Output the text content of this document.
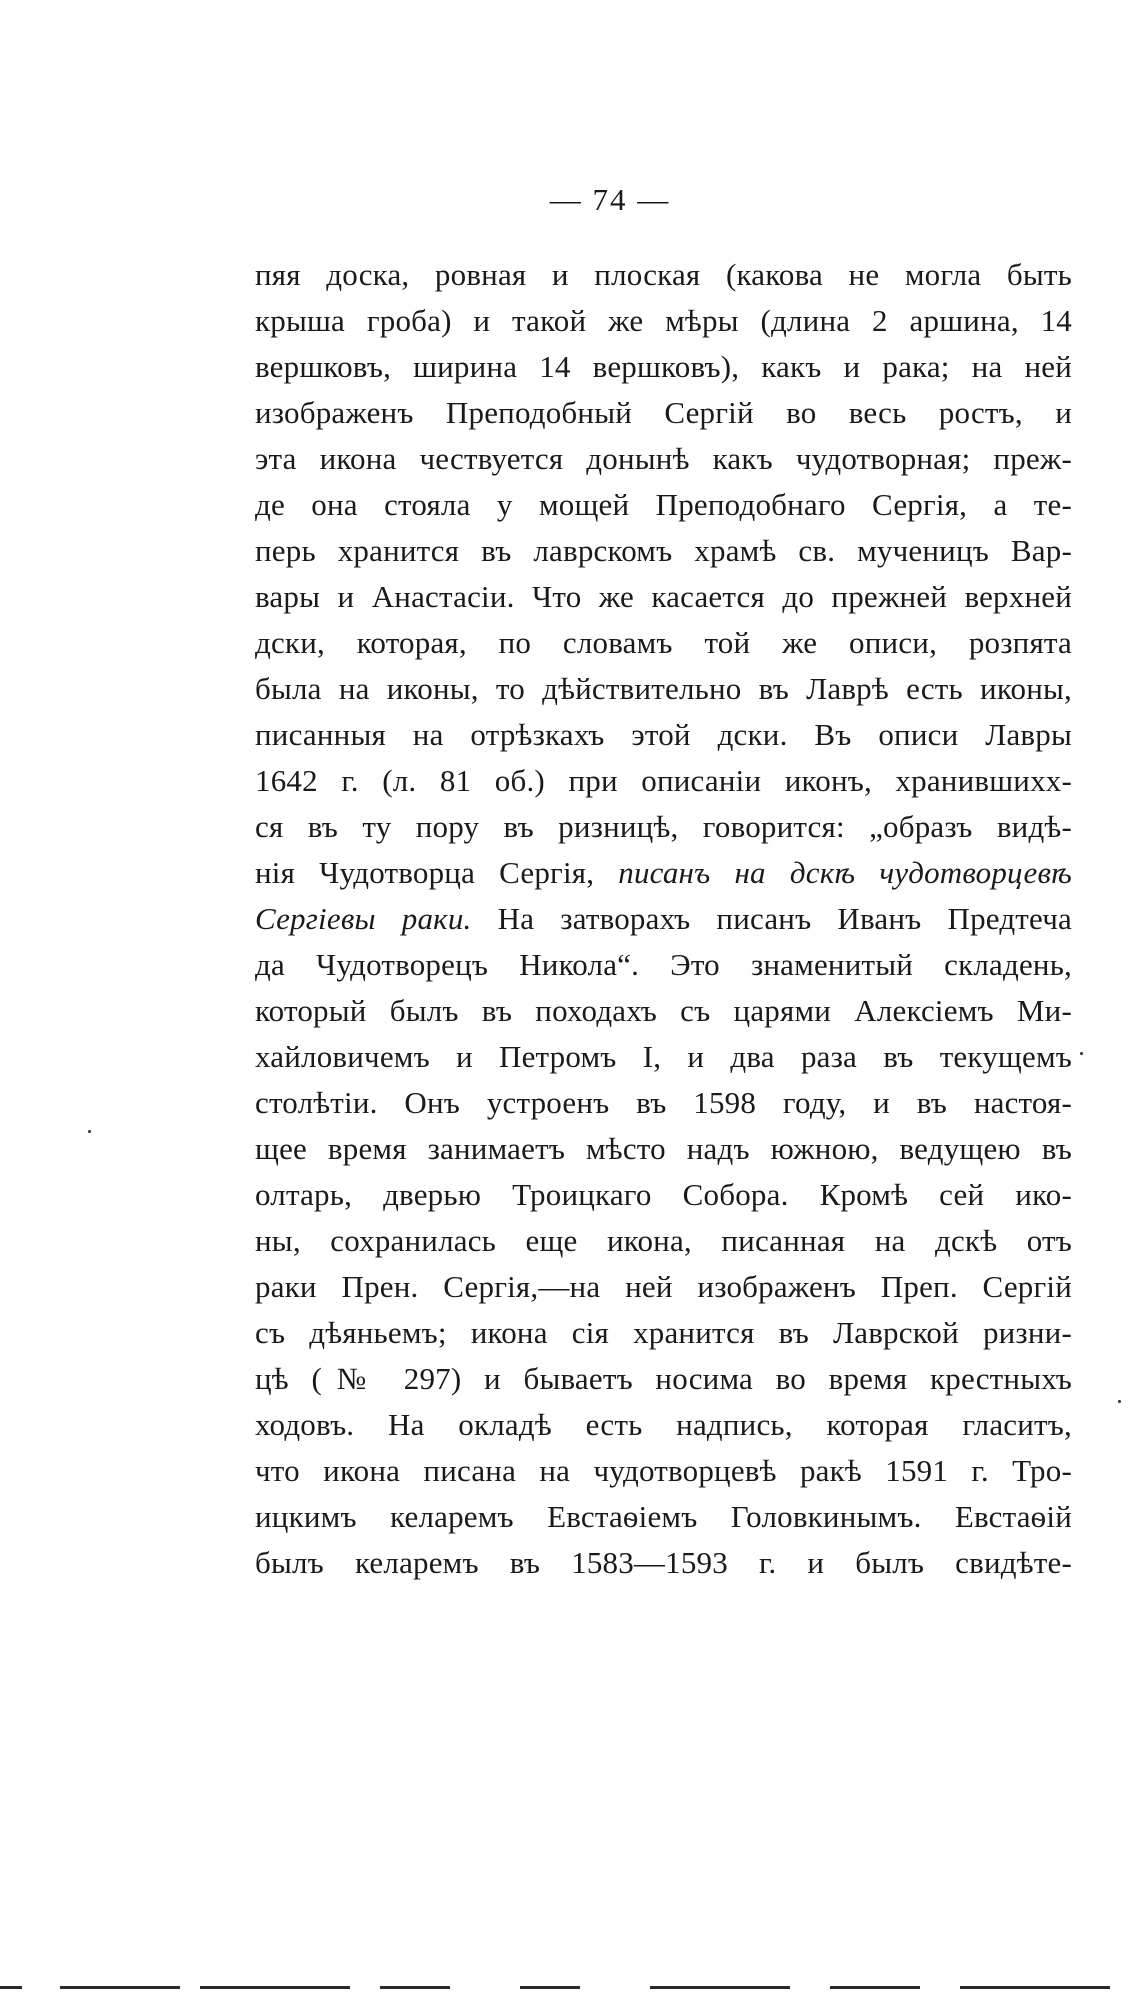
— 74 —
пяя доска, ровная и плоская (какова не могла быть
крыша гроба) и такой же мѣры (длина 2 аршина, 14
вершковъ, ширина 14 вершковъ), какъ и рака; на ней
изображенъ Преподобный Сергій во весь ростъ, и
эта икона чествуется донынѣ какъ чудотворная; преж-
де она стояла у мощей Преподобнаго Сергія, а те-
перь хранится въ лаврскомъ храмѣ св. мученицъ Вар-
вары и Анастасіи. Что же касается до прежней верхней
дски, которая, по словамъ той же описи, розпята
была на иконы, то дѣйствительно въ Лаврѣ есть иконы,
писанныя на отрѣзкахъ этой дски. Въ описи Лавры
1642 г. (л. 81 об.) при описаніи иконъ, хранившихх-
ся въ ту пору въ ризницѣ, говорится: „образъ видѣ-
нія Чудотворца Сергія, писанъ на дскѣ чудотворцевѣ
Сергіевы раки. На затворахъ писанъ Иванъ Предтеча
да Чудотворецъ Никола“. Это знаменитый складень,
который былъ въ походахъ съ царями Алексіемъ Ми-
хайловичемъ и Петромъ I, и два раза въ текущемъ
столѣтіи. Онъ устроенъ въ 1598 году, и въ настоя-
щее время занимаетъ мѣсто надъ южною, ведущею въ
олтарь, дверью Троицкаго Собора. Кромѣ сей ико-
ны, сохранилась еще икона, писанная на дскѣ отъ
раки Прен. Сергія,—на ней изображенъ Преп. Сергій
съ дѣяньемъ; икона сія хранится въ Лаврской ризни-
цѣ (№ 297) и бываетъ носима во время крестныхъ
ходовъ. На окладѣ есть надпись, которая гласитъ,
что икона писана на чудотворцевѣ ракѣ 1591 г. Тро-
ицкимъ келаремъ Евстаѳіемъ Головкинымъ. Евстаѳій
былъ келаремъ въ 1583—1593 г. и былъ свидѣте-
